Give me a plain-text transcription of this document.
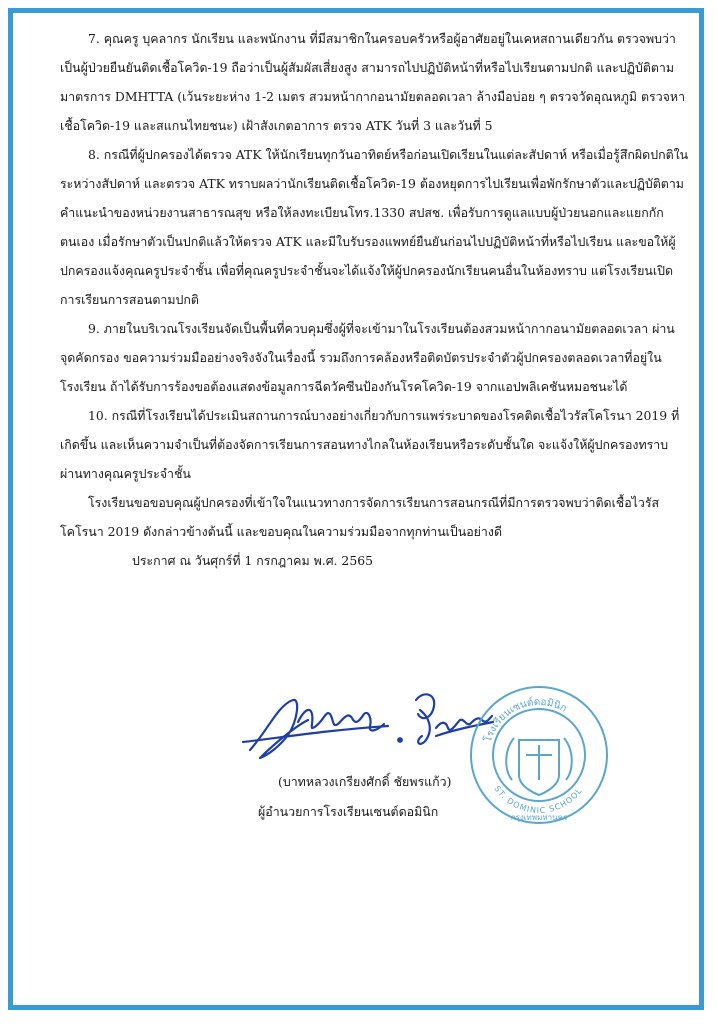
7. คุณครู บุคลากร นักเรียน และพนักงาน ที่มีสมาชิกในครอบครัวหรือผู้อาศัยอยู่ในเคหสถานเดียวกัน ตรวจพบว่าเป็นผู้ป่วยยืนยันติดเชื้อโควิด-19 ถือว่าเป็นผู้สัมผัสเสี่ยงสูง สามารถไปปฏิบัติหน้าที่หรือไปเรียนตามปกติ และปฏิบัติตามมาตรการ DMHTTA (เว้นระยะห่าง 1-2 เมตร สวมหน้ากากอนามัยตลอดเวลา ล้างมือบ่อย ๆ ตรวจวัดอุณหภูมิ ตรวจหาเชื้อโควิด-19 และสแกนไทยชนะ) เฝ้าสังเกตอาการ ตรวจ ATK วันที่ 3 และวันที่ 5

8. กรณีที่ผู้ปกครองได้ตรวจ ATK ให้นักเรียนทุกวันอาทิตย์หรือก่อนเปิดเรียนในแต่ละสัปดาห์ หรือเมื่อรู้สึกผิดปกติในระหว่างสัปดาห์ และตรวจ ATK ทราบผลว่านักเรียนติดเชื้อโควิด-19 ต้องหยุดการไปเรียนเพื่อพักรักษาตัวและปฏิบัติตามคำแนะนำของหน่วยงานสาธารณสุข หรือให้ลงทะเบียนโทร.1330 สปสช. เพื่อรับการดูแลแบบผู้ป่วยนอกและแยกกักตนเอง เมื่อรักษาตัวเป็นปกติแล้วให้ตรวจ ATK และมีใบรับรองแพทย์ยืนยันก่อนไปปฏิบัติหน้าที่หรือไปเรียน และขอให้ผู้ปกครองแจ้งคุณครูประจำชั้น เพื่อที่คุณครูประจำชั้นจะได้แจ้งให้ผู้ปกครองนักเรียนคนอื่นในห้องทราบ แต่โรงเรียนเปิดการเรียนการสอนตามปกติ

9. ภายในบริเวณโรงเรียนจัดเป็นพื้นที่ควบคุมซึ่งผู้ที่จะเข้ามาในโรงเรียนต้องสวมหน้ากากอนามัยตลอดเวลา ผ่านจุดคัดกรอง ขอความร่วมมืออย่างจริงจังในเรื่องนี้ รวมถึงการคล้องหรือติดบัตรประจำตัวผู้ปกครองตลอดเวลาที่อยู่ในโรงเรียน ถ้าได้รับการร้องขอต้องแสดงข้อมูลการฉีดวัคซีนป้องกันโรคโควิด-19 จากแอปพลิเคชันหมอชนะได้

10. กรณีที่โรงเรียนได้ประเมินสถานการณ์บางอย่างเกี่ยวกับการแพร่ระบาดของโรคติดเชื้อไวรัสโคโรนา 2019 ที่เกิดขึ้น และเห็นความจำเป็นที่ต้องจัดการเรียนการสอนทางไกลในห้องเรียนหรือระดับชั้นใด จะแจ้งให้ผู้ปกครองทราบผ่านทางคุณครูประจำชั้น

โรงเรียนขอขอบคุณผู้ปกครองที่เข้าใจในแนวทางการจัดการเรียนการสอนกรณีที่มีการตรวจพบว่าติดเชื้อไวรัสโคโรนา 2019 ดังกล่าวข้างต้นนี้ และขอบคุณในความร่วมมือจากทุกท่านเป็นอย่างดี

ประกาศ ณ วันศุกร์ที่ 1 กรกฎาคม พ.ศ. 2565

โรงเรียนเซนต์ดอมินิก
ST. DOMINIC SCHOOL
กรุงเทพมหานคร
(บาทหลวงเกรียงศักดิ์ ชัยพรแก้ว)
ผู้อำนวยการโรงเรียนเซนต์ดอมินิก
